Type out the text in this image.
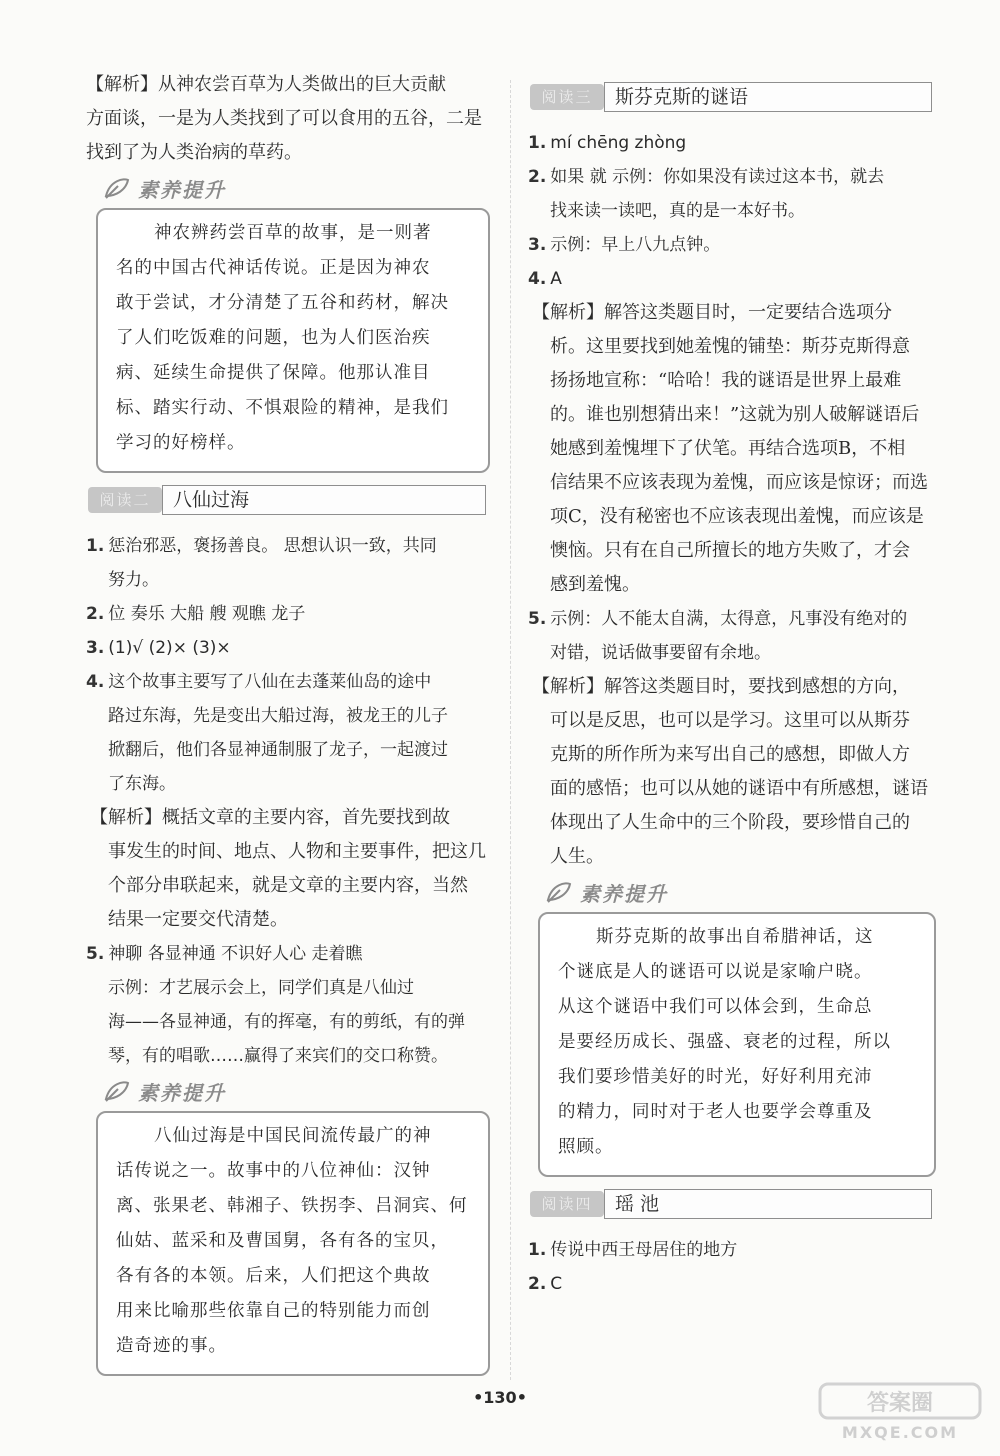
【解析】从神农尝百草为人类做出的巨大贡献
方面谈，一是为人类找到了可以食用的五谷，二是
找到了为人类治病的草药。
素养提升
神农辨药尝百草的故事，是一则著
名的中国古代神话传说。正是因为神农
敢于尝试，才分清楚了五谷和药材，解决
了人们吃饭难的问题，也为人们医治疾
病、延续生命提供了保障。他那认准目
标、踏实行动、不惧艰险的精神，是我们
学习的好榜样。
阅读二	八仙过海
1. 惩治邪恶，褒扬善良。 思想认识一致，共同
努力。
2. 位 奏乐 大船 艘 观瞧 龙子
3. (1)√ (2)× (3)×
4. 这个故事主要写了八仙在去蓬莱仙岛的途中
路过东海，先是变出大船过海，被龙王的儿子
掀翻后，他们各显神通制服了龙子，一起渡过
了东海。
【解析】概括文章的主要内容，首先要找到故
事发生的时间、地点、人物和主要事件，把这几
个部分串联起来，就是文章的主要内容，当然
结果一定要交代清楚。
5. 神聊 各显神通 不识好人心 走着瞧
示例：才艺展示会上，同学们真是八仙过
海——各显神通，有的挥毫，有的剪纸，有的弹
琴，有的唱歌……赢得了来宾们的交口称赞。
素养提升
八仙过海是中国民间流传最广的神
话传说之一。故事中的八位神仙：汉钟
离、张果老、韩湘子、铁拐李、吕洞宾、何
仙姑、蓝采和及曹国舅，各有各的宝贝，
各有各的本领。后来，人们把这个典故
用来比喻那些依靠自己的特别能力而创
造奇迹的事。
阅读三	斯芬克斯的谜语
1. mí chēng zhòng
2. 如果 就 示例：你如果没有读过这本书，就去
找来读一读吧，真的是一本好书。
3. 示例：早上八九点钟。
4. A
【解析】解答这类题目时，一定要结合选项分
析。这里要找到她羞愧的铺垫：斯芬克斯得意
扬扬地宣称：“哈哈！我的谜语是世界上最难
的。谁也别想猜出来！”这就为别人破解谜语后
她感到羞愧埋下了伏笔。再结合选项B，不相
信结果不应该表现为羞愧，而应该是惊讶；而选
项C，没有秘密也不应该表现出羞愧，而应该是
懊恼。只有在自己所擅长的地方失败了，才会
感到羞愧。
5. 示例：人不能太自满，太得意，凡事没有绝对的
对错，说话做事要留有余地。
【解析】解答这类题目时，要找到感想的方向，
可以是反思，也可以是学习。这里可以从斯芬
克斯的所作所为来写出自己的感想，即做人方
面的感悟；也可以从她的谜语中有所感想，谜语
体现出了人生命中的三个阶段，要珍惜自己的
人生。
素养提升
斯芬克斯的故事出自希腊神话，这
个谜底是人的谜语可以说是家喻户晓。
从这个谜语中我们可以体会到，生命总
是要经历成长、强盛、衰老的过程，所以
我们要珍惜美好的时光，好好利用充沛
的精力，同时对于老人也要学会尊重及
照顾。
阅读四	瑶 池
1. 传说中西王母居住的地方
2. C
•130•	答案圈
MXQE.COM
